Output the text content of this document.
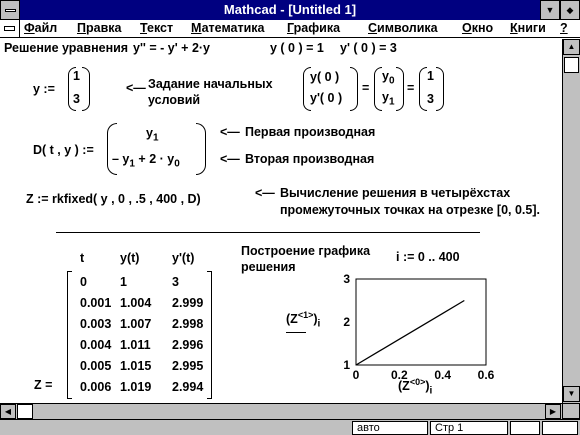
Mathcad - [Untitled 1]	▼	◆
Файл Правка Текст Математика Графика Символика Окно Книги ?
Решение уравнения y'' = - y' + 2·y	y ( 0 ) = 1 y' ( 0 ) = 3
y :=
1
3
<— Задание начальных
условий
y( 0 )
y'( 0 )
=
$y_0$
$y_1$
=
1
3
D( t , y ) :=
$y_1$
– $y_1 + 2 \cdot y_0$
<— Первая производная
<— Вторая производная
Z := rkfixed( y , 0 , .5 , 400 , D)	<— Вычисление решения в четырёхстах
промежуточных точках на отрезке [0, 0.5].
t	y(t)	y'(t)
0	1	3
0.001 1.004 2.999
0.003 1.007 2.998
0.004 1.011 2.996
0.005 1.015 2.995
0.006 1.019 2.994
Z =
Построение графика
решения
i := 0 .. 400
$(Z^{<1>})_i$
$(Z^{<0>})_i$
1
2
3
0	0.2 0.4 0.6
▲
▼
◀	▶
авто	Стр 1
